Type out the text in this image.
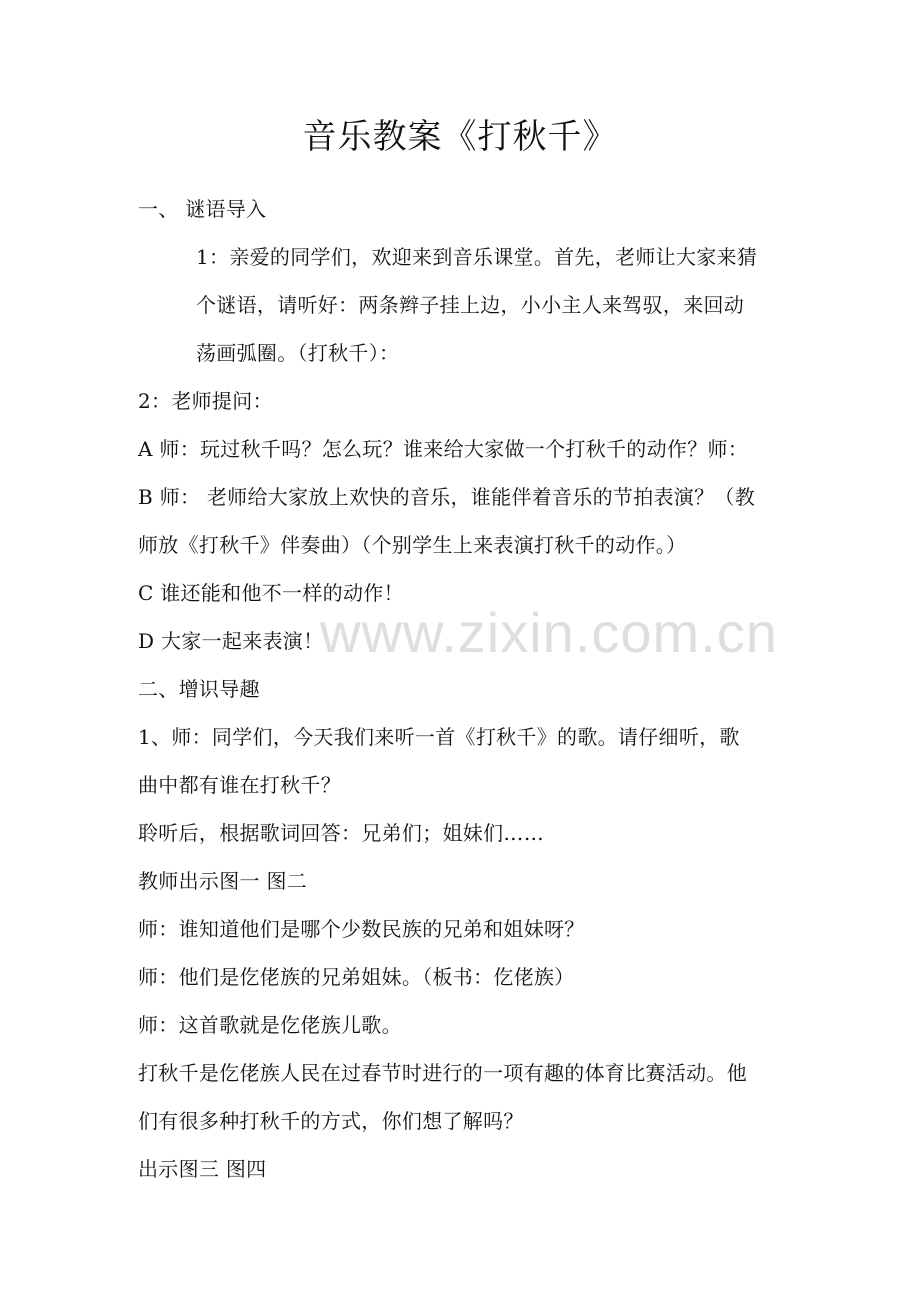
音乐教案《打秋千》
一、 谜语导入
1：亲爱的同学们，欢迎来到音乐课堂。首先，老师让大家来猜
个谜语，请听好：两条辫子挂上边，小小主人来驾驭，来回动
荡画弧圈。（打秋千）：
2：老师提问：
A 师：玩过秋千吗？怎么玩？谁来给大家做一个打秋千的动作？师：
B 师： 老师给大家放上欢快的音乐，谁能伴着音乐的节拍表演？（教
师放《打秋千》伴奏曲）（个别学生上来表演打秋千的动作。）
C 谁还能和他不一样的动作！
D 大家一起来表演！
二、增识导趣
1、师：同学们，今天我们来听一首《打秋千》的歌。请仔细听，歌
曲中都有谁在打秋千？
聆听后，根据歌词回答：兄弟们；姐妹们……
教师出示图一 图二
师：谁知道他们是哪个少数民族的兄弟和姐妹呀？
师：他们是仡佬族的兄弟姐妹。（板书：仡佬族）
师：这首歌就是仡佬族儿歌。
打秋千是仡佬族人民在过春节时进行的一项有趣的体育比赛活动。他
们有很多种打秋千的方式，你们想了解吗？
出示图三 图四
www.zixin.com.cn
